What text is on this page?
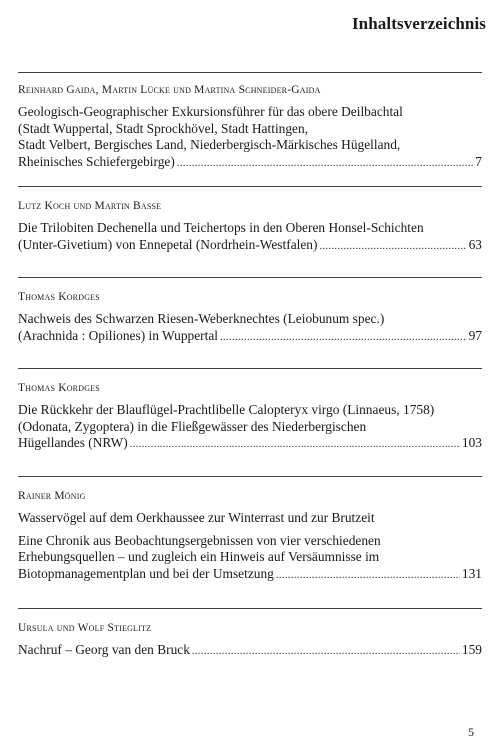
Inhaltsverzeichnis
Reinhard Gaida, Martin Lücke und Martina Schneider-Gaida
Geologisch-Geographischer Exkursionsführer für das obere Deilbachtal
(Stadt Wuppertal, Stadt Sprockhövel, Stadt Hattingen,
Stadt Velbert, Bergisches Land, Niederbergisch-Märkisches Hügelland,
Rheinisches Schiefergebirge) .....	7
Lutz Koch und Martin Basse
Die Trilobiten Dechenella und Teichertops in den Oberen Honsel-Schichten
(Unter-Givetium) von Ennepetal (Nordrhein-Westfalen) .....	63
Thomas Kordges
Nachweis des Schwarzen Riesen-Weberknechtes (Leiobunum spec.)
(Arachnida : Opiliones) in Wuppertal .....	97
Thomas Kordges
Die Rückkehr der Blauflügel-Prachtlibelle Calopteryx virgo (Linnaeus, 1758)
(Odonata, Zygoptera) in die Fließgewässer des Niederbergischen
Hügellandes (NRW) .....	103
Rainer Mönig
Wasservögel auf dem Oerkhaussee zur Winterrast und zur Brutzeit
Eine Chronik aus Beobachtungsergebnissen von vier verschiedenen
Erhebungsquellen – und zugleich ein Hinweis auf Versäumnisse im
Biotopmanagementplan und bei der Umsetzung .....	131
Ursula und Wolf Stieglitz
Nachruf – Georg van den Bruck .....	159
5
